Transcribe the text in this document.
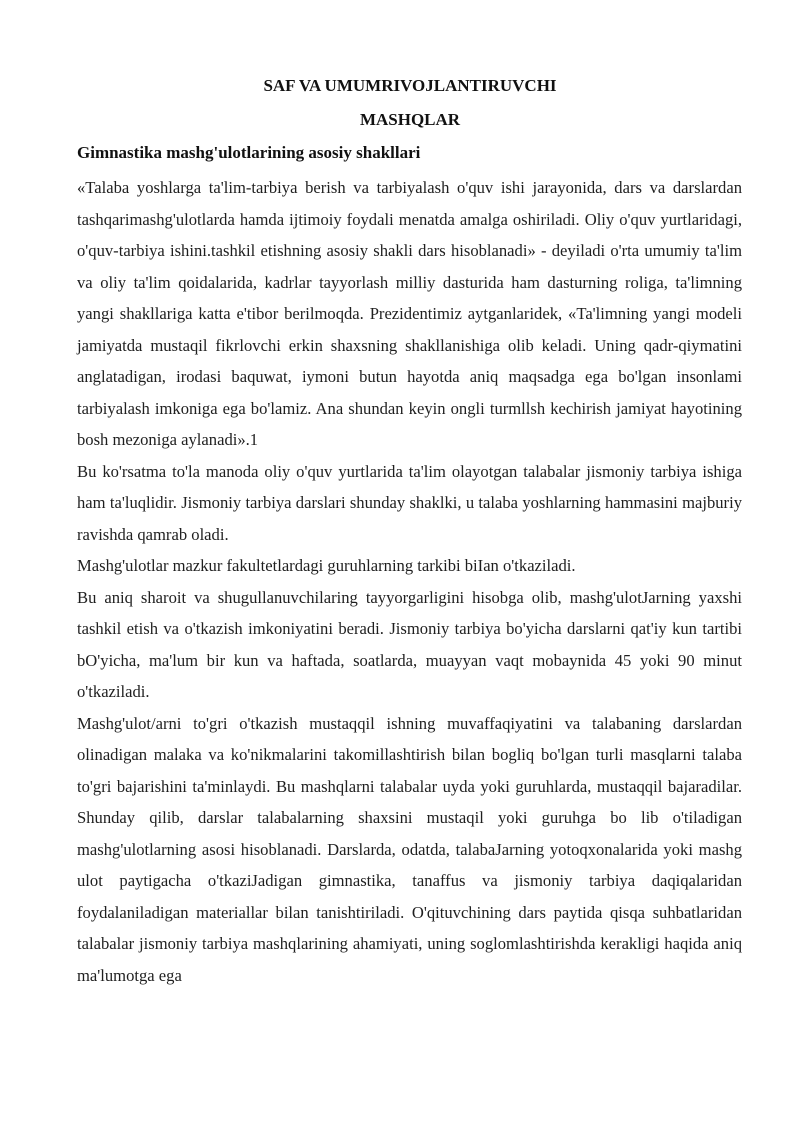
SAF VA UMUMRIVOJLANTIRUVCHI
MASHQLAR
Gimnastika mashg'ulotlarining asosiy shakllari

«Talaba yoshlarga ta'lim-tarbiya berish va tarbiyalash o'quv ishi jarayonida, dars va darslardan tashqarimashg'ulotlarda hamda ijtimoiy foydali menatda amalga oshiriladi. Oliy o'quv yurtlaridagi, o'quv-tarbiya ishini.tashkil etishning asosiy shakli dars hisoblanadi» - deyiladi o'rta umumiy ta'lim va oliy ta'lim qoidalarida, kadrlar tayyorlash milliy dasturida ham dasturning roliga, ta'limning yangi shakllariga katta e'tibor berilmoqda. Prezidentimiz aytganlaridek, «Ta'limning yangi modeli jamiyatda mustaqil fikrlovchi erkin shaxsning shakllanishiga olib keladi. Uning qadr-qiymatini anglatadigan, irodasi baquwat, iymoni butun hayotda aniq maqsadga ega bo'lgan insonlami tarbiyalash imkoniga ega bo'lamiz. Ana shundan keyin ongli turmllsh kechirish jamiyat hayotining bosh mezoniga aylanadi».1

Bu ko'rsatma to'la manoda oliy o'quv yurtlarida ta'lim olayotgan talabalar jismoniy tarbiya ishiga ham ta'luqlidir. Jismoniy tarbiya darslari shunday shaklki, u talaba yoshlarning hammasini majburiy ravishda qamrab oladi.

Mashg'ulotlar mazkur fakultetlardagi guruhlarning tarkibi biIan o'tkaziladi.

Bu aniq sharoit va shugullanuvchilaring tayyorgarligini hisobga olib, mashg'ulotJarning yaxshi tashkil etish va o'tkazish imkoniyatini beradi. Jismoniy tarbiya bo'yicha darslarni qat'iy kun tartibi bO'yicha, ma'lum bir kun va haftada, soatlarda, muayyan vaqt mobaynida 45 yoki 90 minut o'tkaziladi.

Mashg'ulot/arni to'gri o'tkazish mustaqqil ishning muvaffaqiyatini va talabaning darslardan olinadigan malaka va ko'nikmalarini takomillashtirish bilan bogliq bo'lgan turli masqlarni talaba to'gri bajarishini ta'minlaydi. Bu mashqlarni talabalar uyda yoki guruhlarda, mustaqqil bajaradilar. Shunday qilib, darslar talabalarning shaxsini mustaqil yoki guruhga bo lib o'tiladigan mashg'ulotlarning asosi hisoblanadi. Darslarda, odatda, talabaJarning yotoqxonalarida yoki mashg ulot paytigacha o'tkaziJadigan gimnastika, tanaffus va jismoniy tarbiya daqiqalaridan foydalaniladigan materiallar bilan tanishtiriladi. O'qituvchining dars paytida qisqa suhbatlaridan talabalar jismoniy tarbiya mashqlarining ahamiyati, uning soglomlashtirishda kerakligi haqida aniq ma'lumotga ega
